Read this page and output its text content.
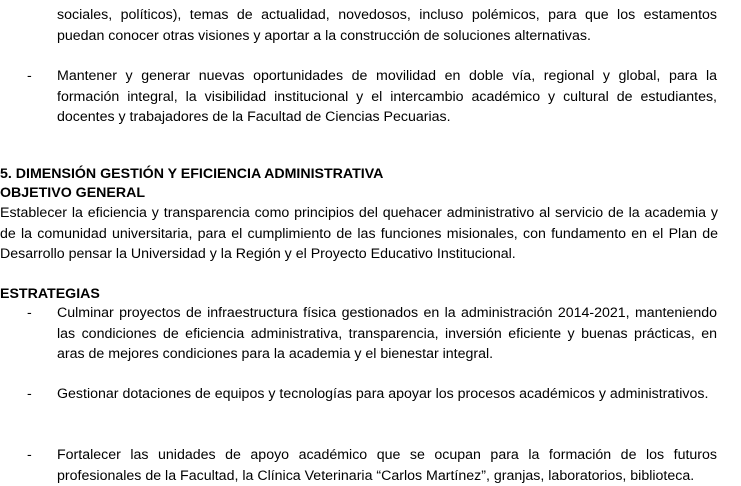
sociales, políticos), temas de actualidad, novedosos, incluso polémicos, para que los estamentos puedan conocer otras visiones y aportar a la construcción de soluciones alternativas.
- Mantener y generar nuevas oportunidades de movilidad en doble vía, regional y global, para la formación integral, la visibilidad institucional y el intercambio académico y cultural de estudiantes, docentes y trabajadores de la Facultad de Ciencias Pecuarias.
5. DIMENSIÓN GESTIÓN Y EFICIENCIA ADMINISTRATIVA
OBJETIVO GENERAL
Establecer la eficiencia y transparencia como principios del quehacer administrativo al servicio de la academia y de la comunidad universitaria, para el cumplimiento de las funciones misionales, con fundamento en el Plan de Desarrollo pensar la Universidad y la Región y el Proyecto Educativo Institucional.
ESTRATEGIAS
- Culminar proyectos de infraestructura física gestionados en la administración 2014-2021, manteniendo las condiciones de eficiencia administrativa, transparencia, inversión eficiente y buenas prácticas, en aras de mejores condiciones para la academia y el bienestar integral.
- Gestionar dotaciones de equipos y tecnologías para apoyar los procesos académicos y administrativos.
- Fortalecer las unidades de apoyo académico que se ocupan para la formación de los futuros profesionales de la Facultad, la Clínica Veterinaria “Carlos Martínez”, granjas, laboratorios, biblioteca.
